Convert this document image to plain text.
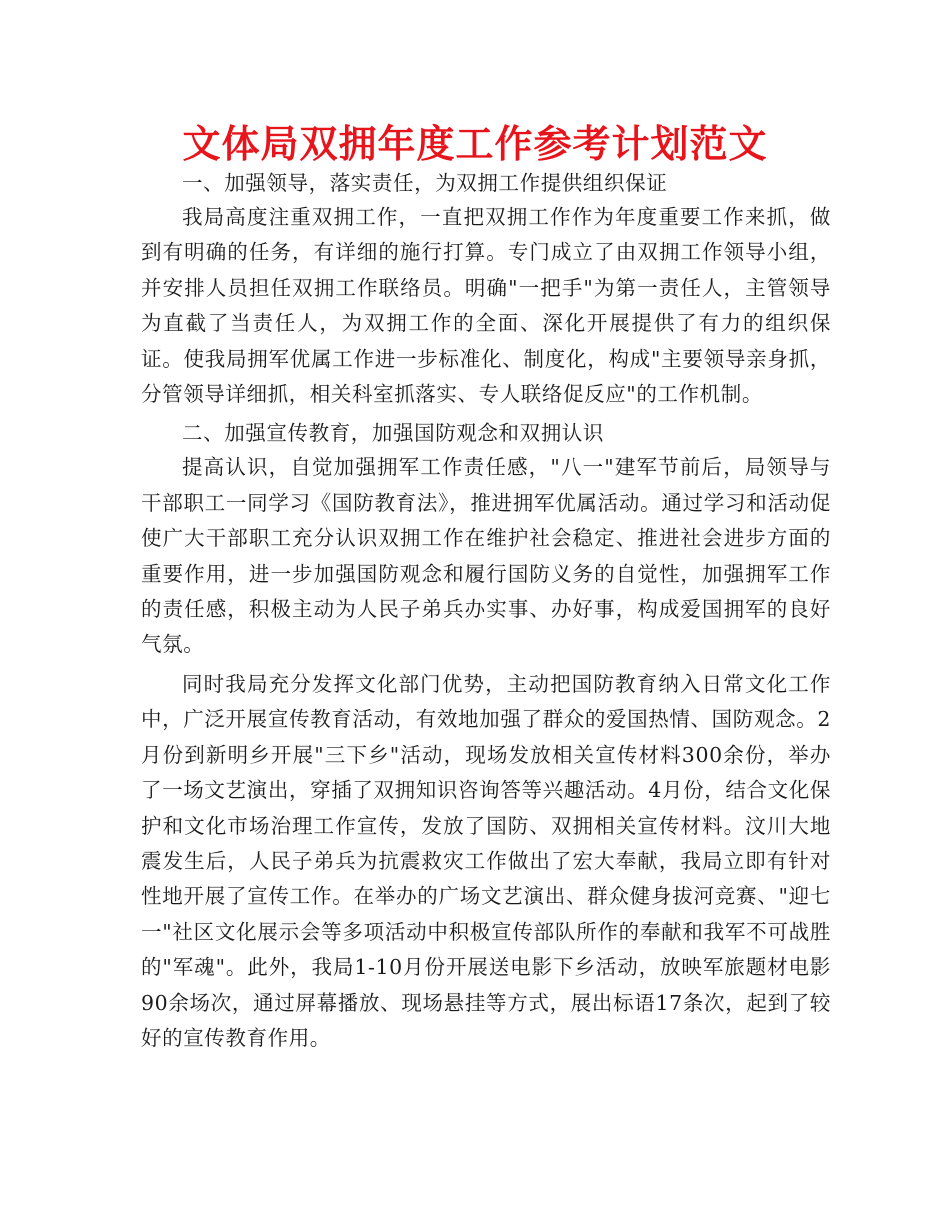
文体局双拥年度工作参考计划范文

一、加强领导，落实责任，为双拥工作提供组织保证

我局高度注重双拥工作，一直把双拥工作作为年度重要工作来抓，做到有明确的任务，有详细的施行打算。专门成立了由双拥工作领导小组，并安排人员担任双拥工作联络员。明确"一把手"为第一责任人，主管领导为直截了当责任人，为双拥工作的全面、深化开展提供了有力的组织保证。使我局拥军优属工作进一步标准化、制度化，构成"主要领导亲身抓，分管领导详细抓，相关科室抓落实、专人联络促反应"的工作机制。

二、加强宣传教育，加强国防观念和双拥认识

提高认识，自觉加强拥军工作责任感，"八一"建军节前后，局领导与干部职工一同学习《国防教育法》，推进拥军优属活动。通过学习和活动促使广大干部职工充分认识双拥工作在维护社会稳定、推进社会进步方面的重要作用，进一步加强国防观念和履行国防义务的自觉性，加强拥军工作的责任感，积极主动为人民子弟兵办实事、办好事，构成爱国拥军的良好气氛。

同时我局充分发挥文化部门优势，主动把国防教育纳入日常文化工作中，广泛开展宣传教育活动，有效地加强了群众的爱国热情、国防观念。2月份到新明乡开展"三下乡"活动，现场发放相关宣传材料300余份，举办了一场文艺演出，穿插了双拥知识咨询答等兴趣活动。4月份，结合文化保护和文化市场治理工作宣传，发放了国防、双拥相关宣传材料。汶川大地震发生后，人民子弟兵为抗震救灾工作做出了宏大奉献，我局立即有针对性地开展了宣传工作。在举办的广场文艺演出、群众健身拔河竞赛、"迎七一"社区文化展示会等多项活动中积极宣传部队所作的奉献和我军不可战胜的"军魂"。此外，我局1-10月份开展送电影下乡活动，放映军旅题材电影90余场次，通过屏幕播放、现场悬挂等方式，展出标语17条次，起到了较好的宣传教育作用。
